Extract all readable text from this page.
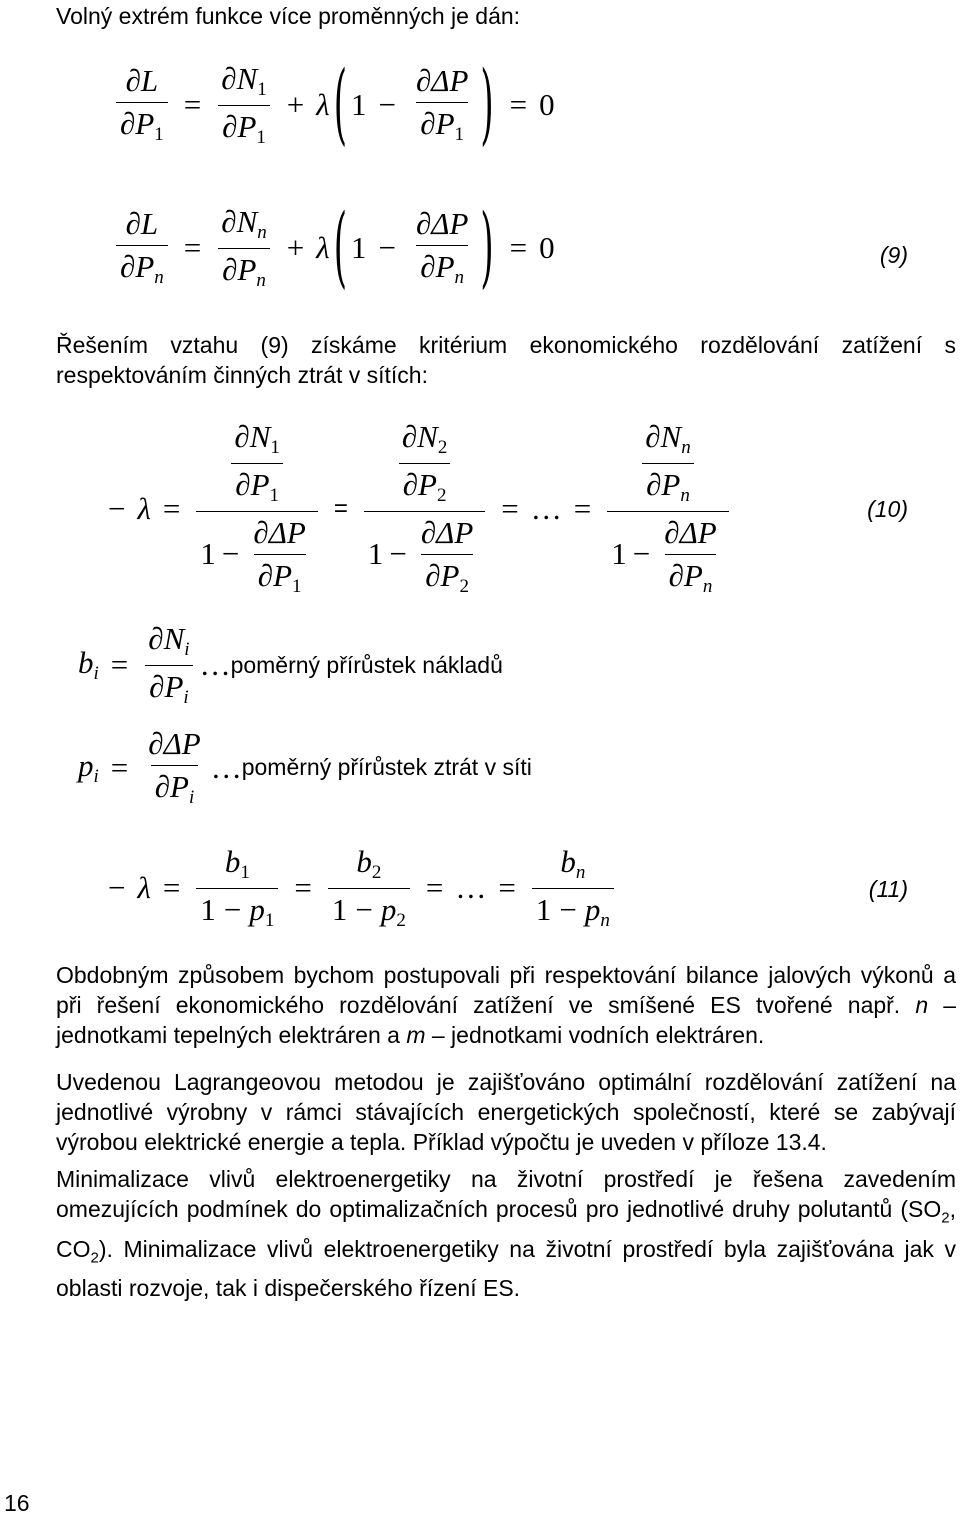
Volný extrém funkce více proměnných je dán:
$\frac{\partial L}{\partial P_1} = \frac{\partial N_1}{\partial P_1} + \lambda$ ( $1 - \frac{\partial\Delta P}{\partial P_1}$ ) = 0
$\frac{\partial L}{\partial P_n} = \frac{\partial N_n}{\partial P_n} + \lambda$ ( $1 - \frac{\partial\Delta P}{\partial P_n}$ ) = 0	(9)
Řešením vztahu (9) získáme kritérium ekonomického rozdělování zatížení s respektováním činných ztrát v sítích:
− $\lambda = \frac{\frac{\partial N_1}{\partial P_1}}{1 - \frac{\partial\Delta P}{\partial P_1}} = \frac{\frac{\partial N_2}{\partial P_2}}{1 - \frac{\partial\Delta P}{\partial P_2}}$ = … = $\frac{\frac{\partial N_n}{\partial P_n}}{1 - \frac{\partial\Delta P}{\partial P_n}}$	(10)
$b_i = \frac{\partial N_i}{\partial P_i}$ … poměrný přírůstek nákladů
$p_i = \frac{\partial\Delta P}{\partial P_i}$ … poměrný přírůstek ztrát v síti
− $\lambda = \frac{b_1}{1 - p_1} = \frac{b_2}{1 - p_2}$ = … = $\frac{b_n}{1 - p_n}$	(11)

Obdobným způsobem bychom postupovali při respektování bilance jalových výkonů a při řešení ekonomického rozdělování zatížení ve smíšené ES tvořené např. n – jednotkami tepelných elektráren a m – jednotkami vodních elektráren.

Uvedenou Lagrangeovou metodou je zajišťováno optimální rozdělování zatížení na jednotlivé výrobny v rámci stávajících energetických společností, které se zabývají výrobou elektrické energie a tepla. Příklad výpočtu je uveden v příloze 13.4.

Minimalizace vlivů elektroenergetiky na životní prostředí je řešena zavedením omezujících podmínek do optimalizačních procesů pro jednotlivé druhy polutantů ($SO_2$, $CO_2$). Minimalizace vlivů elektroenergetiky na životní prostředí byla zajišťována jak v oblasti rozvoje, tak i dispečerského řízení ES.

16
